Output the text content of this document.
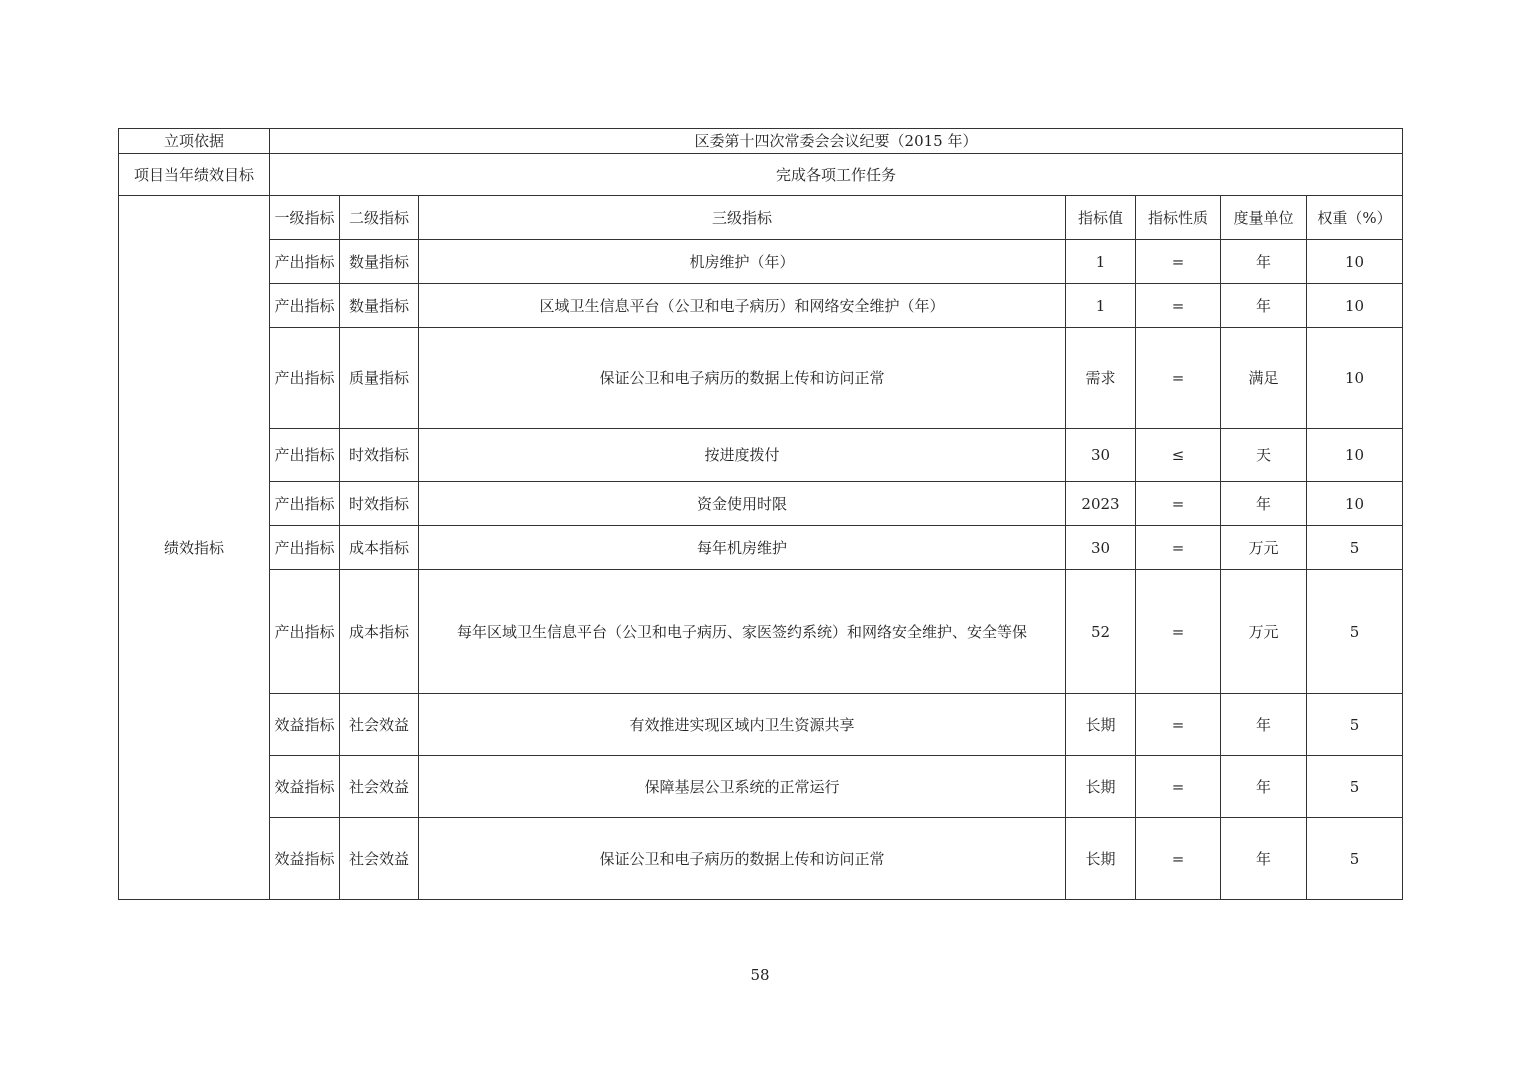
立项依据	区委第十四次常委会会议纪要（2015 年）						
项目当年绩效目标	完成各项工作任务						
绩效指标	一级指标	二级指标	三级指标	指标值	指标性质	度量单位	权重（%）
	产出指标	数量指标	机房维护（年）	1	=	年	10
	产出指标	数量指标	区域卫生信息平台（公卫和电子病历）和网络安全维护（年）	1	=	年	10
	产出指标	质量指标	保证公卫和电子病历的数据上传和访问正常	需求	=	满足	10
	产出指标	时效指标	按进度拨付	30	≤	天	10
	产出指标	时效指标	资金使用时限	2023	=	年	10
	产出指标	成本指标	每年机房维护	30	=	万元	5
	产出指标	成本指标	每年区域卫生信息平台（公卫和电子病历、家医签约系统）和网络安全维护、安全等保	52	=	万元	5
	效益指标	社会效益	有效推进实现区域内卫生资源共享	长期	=	年	5
	效益指标	社会效益	保障基层公卫系统的正常运行	长期	=	年	5
	效益指标	社会效益	保证公卫和电子病历的数据上传和访问正常	长期	=	年	5
58
